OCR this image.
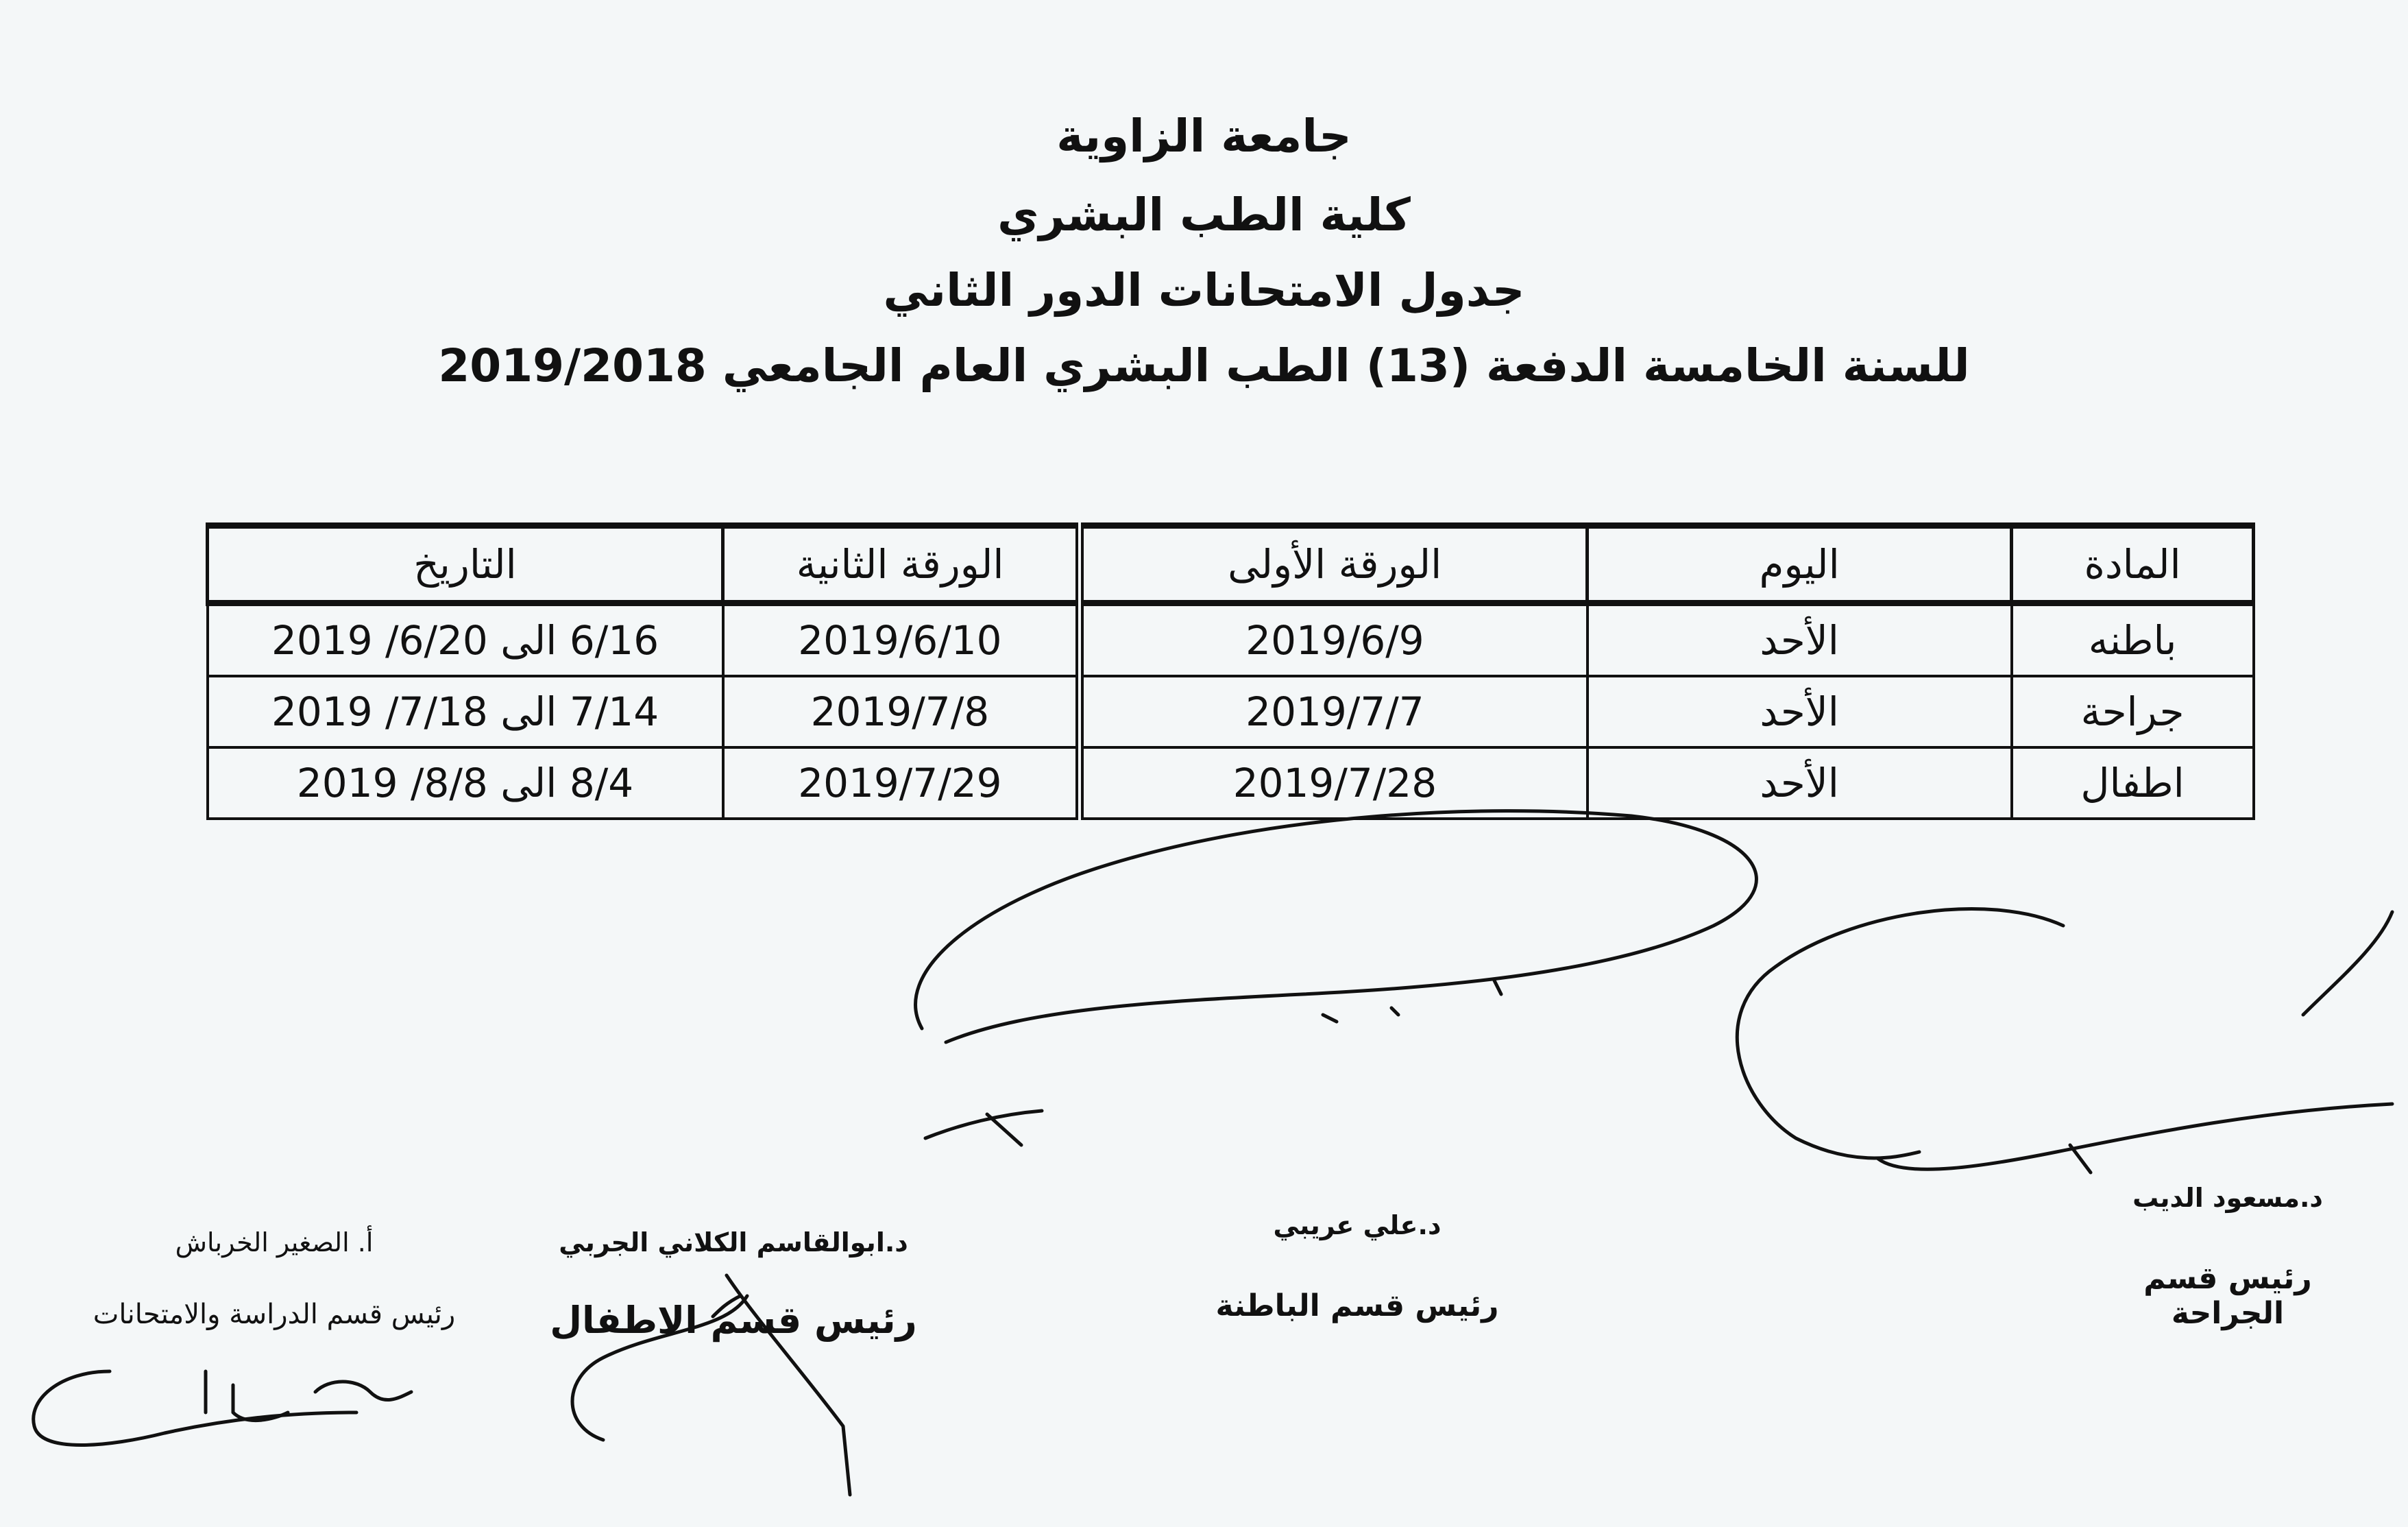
جامعة الزاوية
كلية الطب البشري
جدول الامتحانات الدور الثاني
للسنة الخامسة الدفعة (13) الطب البشري العام الجامعي 2019/2018
المادة	اليوم	الورقة الأولى	الورقة الثانية	التاريخ
باطنه	الأحد	2019/6/9	2019/6/10	6/16 الى 6/20/ 2019
جراحة	الأحد	2019/7/7	2019/7/8	7/14 الى 7/18/ 2019
اطفال	الأحد	2019/7/28	2019/7/29	8/4 الى 8/8/ 2019
د.مسعود الديب
رئيس قسم الجراحة
د.علي عريبي
رئيس قسم الباطنة
د.ابوالقاسم الكلاني الجربي
رئيس قسم الاطفال
أ. الصغير الخرباش
رئيس قسم الدراسة والامتحانات
